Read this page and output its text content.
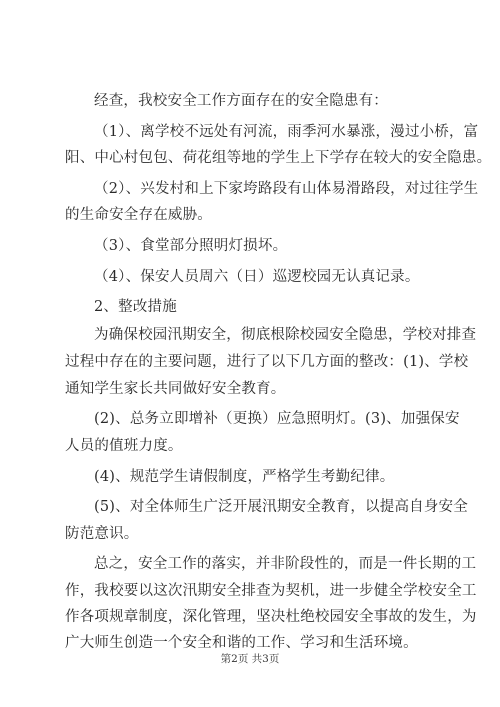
经查，我校安全工作方面存在的安全隐患有：
（1）、离学校不远处有河流，雨季河水暴涨，漫过小桥，富
阳、中心村包包、荷花组等地的学生上下学存在较大的安全隐患。
（2）、兴发村和上下家垮路段有山体易滑路段，对过往学生
的生命安全存在威胁。
（3）、食堂部分照明灯损坏。
（4）、保安人员周六（日）巡逻校园无认真记录。
2、整改措施
为确保校园汛期安全，彻底根除校园安全隐患，学校对排查
过程中存在的主要问题，进行了以下几方面的整改：(1)、学校
通知学生家长共同做好安全教育。
(2)、总务立即增补（更换）应急照明灯。(3)、加强保安
人员的值班力度。
(4)、规范学生请假制度，严格学生考勤纪律。
(5)、对全体师生广泛开展汛期安全教育，以提高自身安全
防范意识。
总之，安全工作的落实，并非阶段性的，而是一件长期的工
作，我校要以这次汛期安全排查为契机，进一步健全学校安全工
作各项规章制度，深化管理，坚决杜绝校园安全事故的发生，为
广大师生创造一个安全和谐的工作、学习和生活环境。
第2页 共3页
